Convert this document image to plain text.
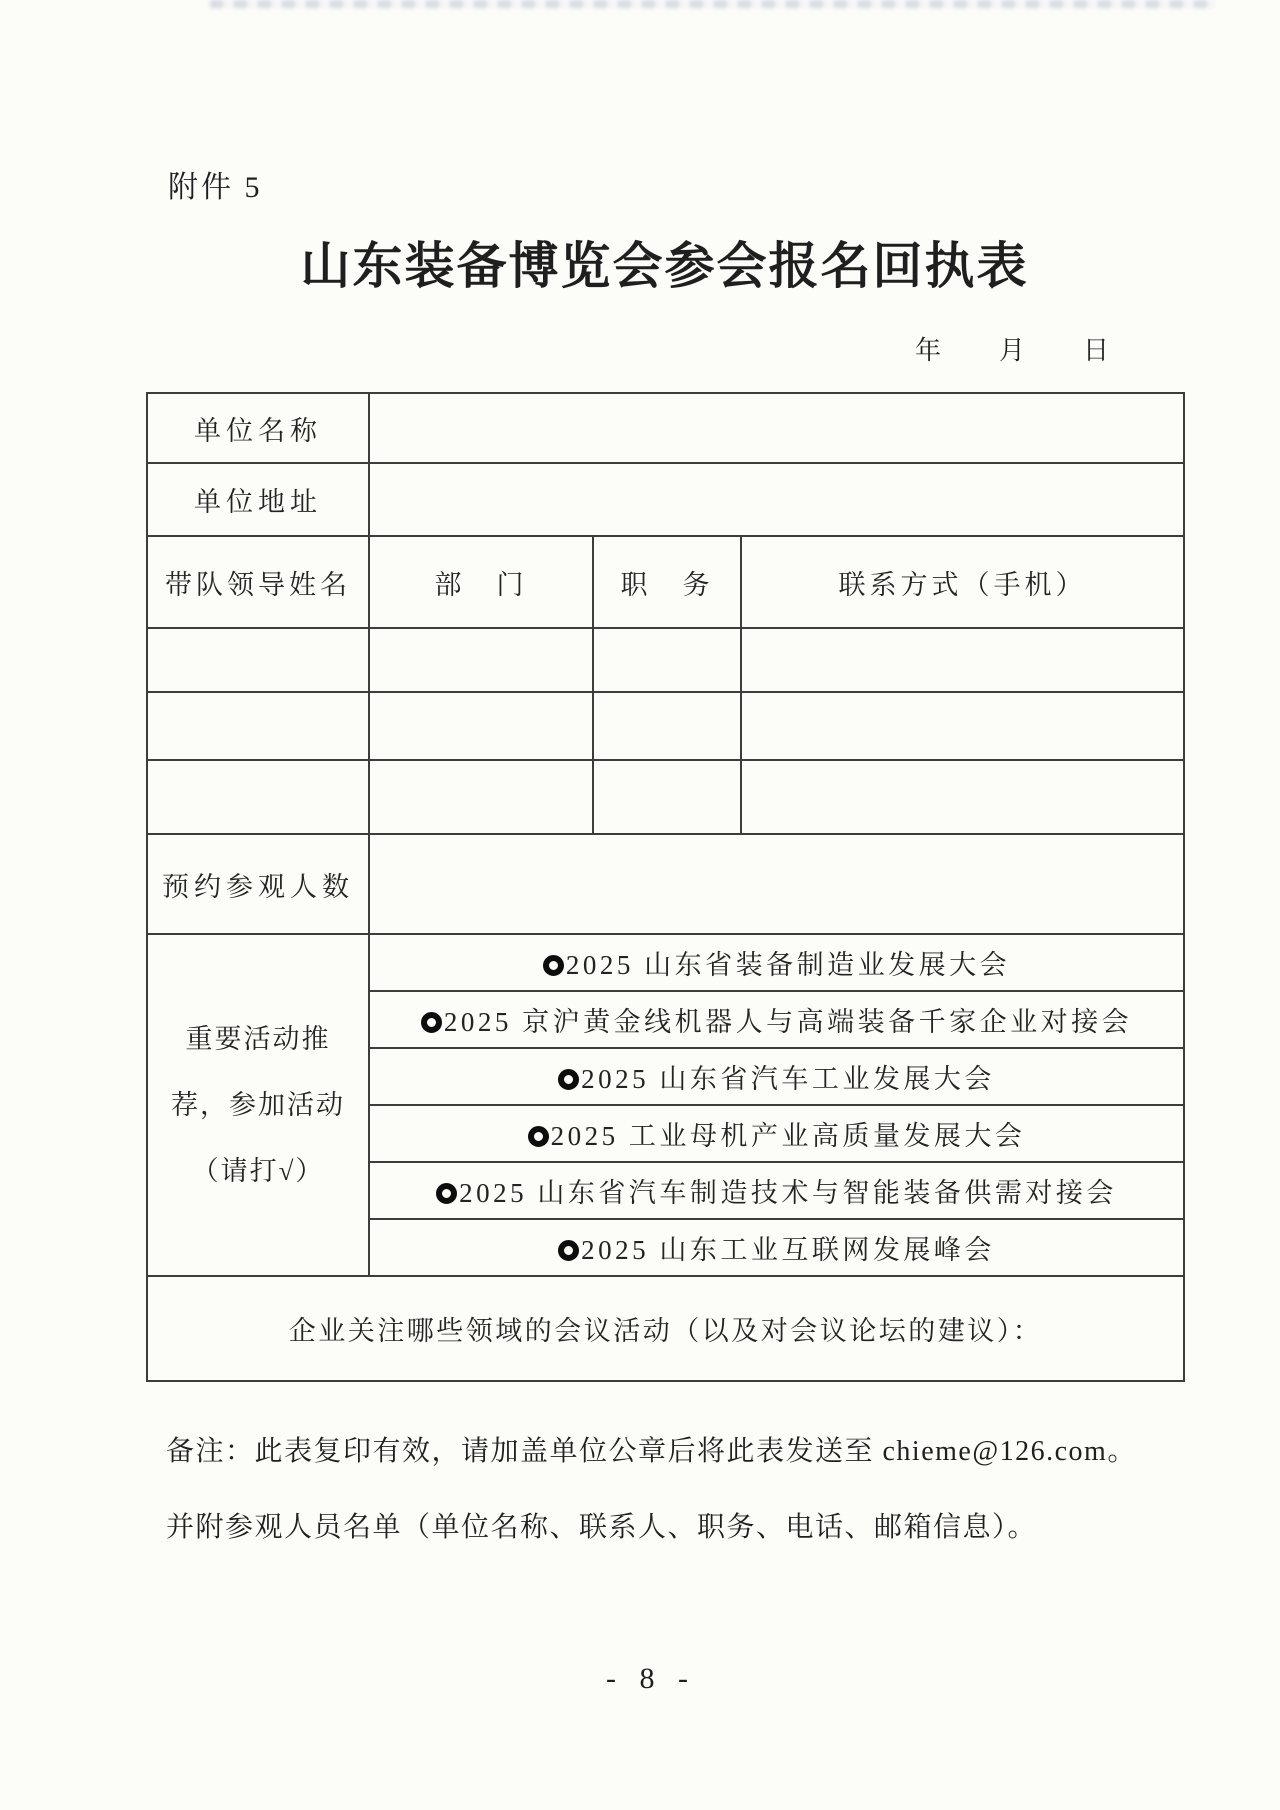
附件 5
山东装备博览会参会报名回执表
年　　月　　日
单位名称			
单位地址			
带队领导姓名	部　门	职　务	联系方式（手机）

预约参观人数			

重要活动推
荐，参加活动
（请打√）	2025 山东省装备制造业发展大会		
	2025 京沪黄金线机器人与高端装备千家企业对接会		
	2025 山东省汽车工业发展大会		
	2025 工业母机产业高质量发展大会		
	2025 山东省汽车制造技术与智能装备供需对接会		
	2025 山东工业互联网发展峰会		
企业关注哪些领域的会议活动（以及对会议论坛的建议）：			

备注：此表复印有效，请加盖单位公章后将此表发送至 chieme@126.com。

并附参观人员名单（单位名称、联系人、职务、电话、邮箱信息）。

- 8 -
